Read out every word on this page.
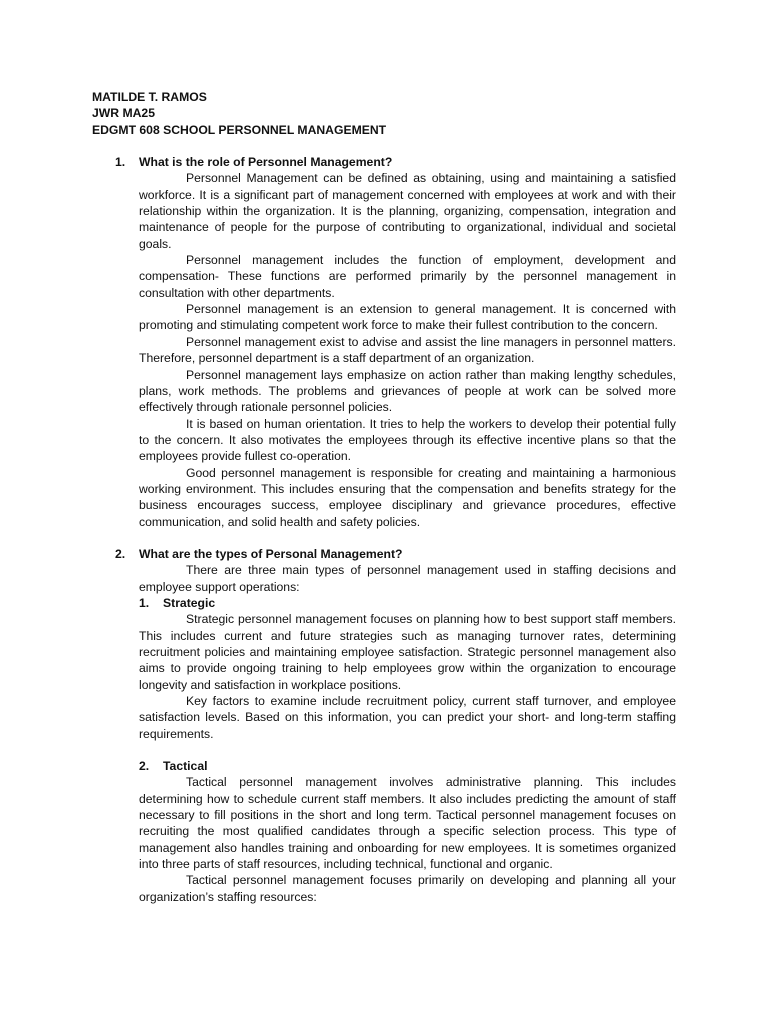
MATILDE T. RAMOS

JWR MA25

EDGMT 608 SCHOOL PERSONNEL MANAGEMENT

1. What is the role of Personnel Management?

Personnel Management can be defined as obtaining, using and maintaining a satisfied workforce. It is a significant part of management concerned with employees at work and with their relationship within the organization. It is the planning, organizing, compensation, integration and maintenance of people for the purpose of contributing to organizational, individual and societal goals.

Personnel management includes the function of employment, development and compensation- These functions are performed primarily by the personnel management in consultation with other departments.

Personnel management is an extension to general management. It is concerned with promoting and stimulating competent work force to make their fullest contribution to the concern.

Personnel management exist to advise and assist the line managers in personnel matters. Therefore, personnel department is a staff department of an organization.

Personnel management lays emphasize on action rather than making lengthy schedules, plans, work methods. The problems and grievances of people at work can be solved more effectively through rationale personnel policies.

It is based on human orientation. It tries to help the workers to develop their potential fully to the concern. It also motivates the employees through its effective incentive plans so that the employees provide fullest co-operation.

Good personnel management is responsible for creating and maintaining a harmonious working environment. This includes ensuring that the compensation and benefits strategy for the business encourages success, employee disciplinary and grievance procedures, effective communication, and solid health and safety policies.

2. What are the types of Personal Management?

There are three main types of personnel management used in staffing decisions and employee support operations:

1. Strategic

Strategic personnel management focuses on planning how to best support staff members. This includes current and future strategies such as managing turnover rates, determining recruitment policies and maintaining employee satisfaction. Strategic personnel management also aims to provide ongoing training to help employees grow within the organization to encourage longevity and satisfaction in workplace positions.

Key factors to examine include recruitment policy, current staff turnover, and employee satisfaction levels. Based on this information, you can predict your short- and long-term staffing requirements.

2. Tactical

Tactical personnel management involves administrative planning. This includes determining how to schedule current staff members. It also includes predicting the amount of staff necessary to fill positions in the short and long term. Tactical personnel management focuses on recruiting the most qualified candidates through a specific selection process. This type of management also handles training and onboarding for new employees. It is sometimes organized into three parts of staff resources, including technical, functional and organic.

Tactical personnel management focuses primarily on developing and planning all your organization’s staffing resources:
